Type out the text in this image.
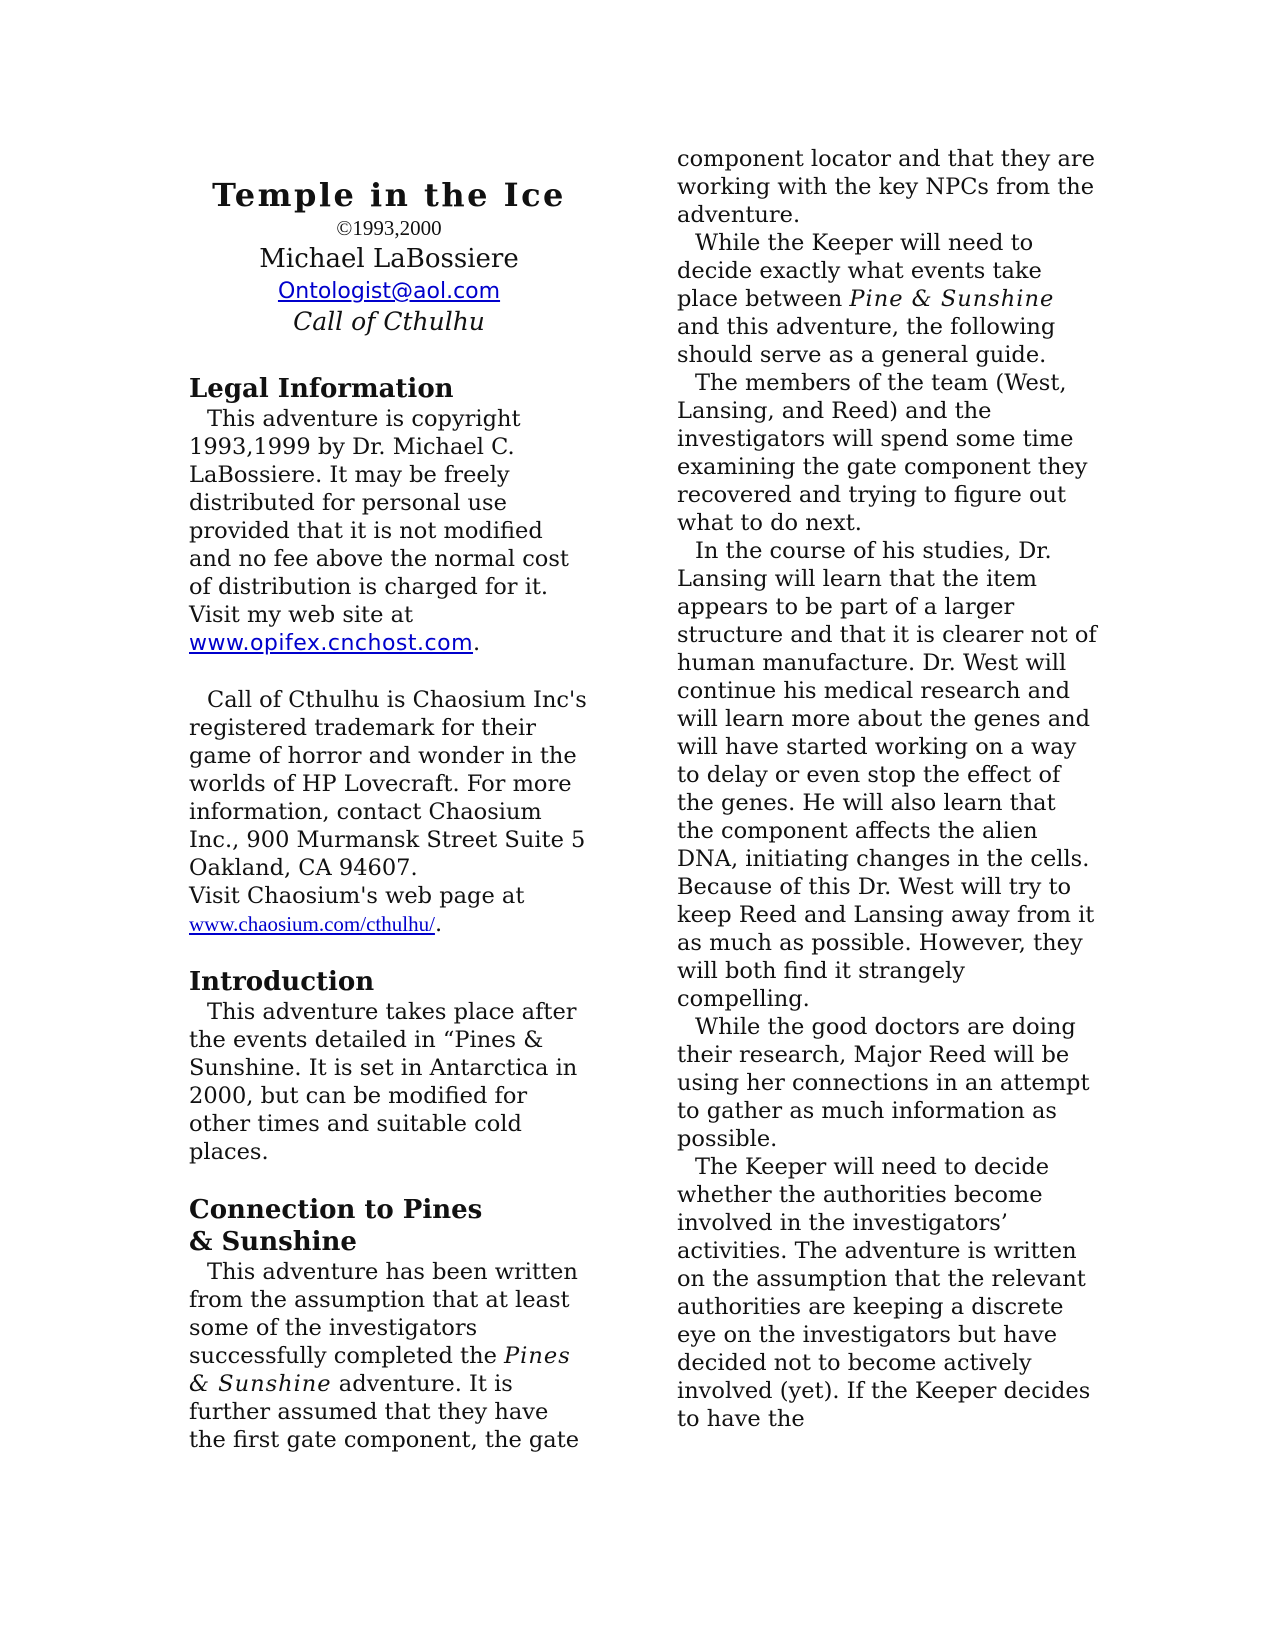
Temple in the Ice
©1993,2000
Michael LaBossiere
Ontologist@aol.com
Call of Cthulhu
Legal Information

This adventure is copyright 1993,1999 by Dr. Michael C. LaBossiere. It may be freely distributed for personal use provided that it is not modified and no fee above the normal cost of distribution is charged for it. Visit my web site at
www.opifex.cnchost.com.

Call of Cthulhu is Chaosium Inc's registered trademark for their game of horror and wonder in the worlds of HP Lovecraft. For more information, contact Chaosium Inc., 900 Murmansk Street Suite 5 Oakland, CA 94607.

Visit Chaosium's web page at
www.chaosium.com/cthulhu/.

Introduction

This adventure takes place after the events detailed in “Pines & Sunshine. It is set in Antarctica in 2000, but can be modified for other times and suitable cold places.

Connection to Pines & Sunshine

This adventure has been written from the assumption that at least some of the investigators successfully completed the Pines & Sunshine adventure. It is further assumed that they have the first gate component, the gate

component locator and that they are working with the key NPCs from the adventure.

While the Keeper will need to decide exactly what events take place between Pine & Sunshine and this adventure, the following should serve as a general guide.

The members of the team (West, Lansing, and Reed) and the investigators will spend some time examining the gate component they recovered and trying to figure out what to do next.

In the course of his studies, Dr. Lansing will learn that the item appears to be part of a larger structure and that it is clearer not of human manufacture. Dr. West will continue his medical research and will learn more about the genes and will have started working on a way to delay or even stop the effect of the genes. He will also learn that the component affects the alien DNA, initiating changes in the cells. Because of this Dr. West will try to keep Reed and Lansing away from it as much as possible. However, they will both find it strangely compelling.

While the good doctors are doing their research, Major Reed will be using her connections in an attempt to gather as much information as possible.

The Keeper will need to decide whether the authorities become involved in the investigators’ activities. The adventure is written on the assumption that the relevant authorities are keeping a discrete eye on the investigators but have decided not to become actively involved (yet). If the Keeper decides to have the
